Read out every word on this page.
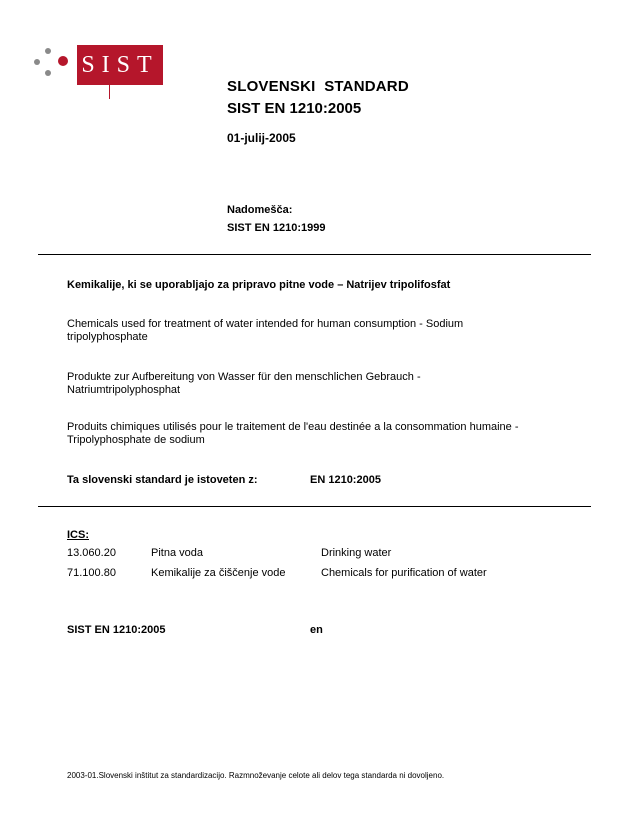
SIST
SLOVENSKI  STANDARD
SIST EN 1210:2005
01-julij-2005
Nadomešča:
SIST EN 1210:1999
Kemikalije, ki se uporabljajo za pripravo pitne vode – Natrijev tripolifosfat
Chemicals used for treatment of water intended for human consumption - Sodium tripolyphosphate
Produkte zur Aufbereitung von Wasser für den menschlichen Gebrauch - Natriumtripolyphosphat
Produits chimiques utilisés pour le traitement de l'eau destinée a la consommation humaine - Tripolyphosphate de sodium
Ta slovenski standard je istoveten z:	EN 1210:2005
ICS:
13.060.20	Pitna voda	Drinking water
71.100.80	Kemikalije za čiščenje vode	Chemicals for purification of water
SIST EN 1210:2005	en
2003-01.Slovenski inštitut za standardizacijo. Razmnoževanje celote ali delov tega standarda ni dovoljeno.
